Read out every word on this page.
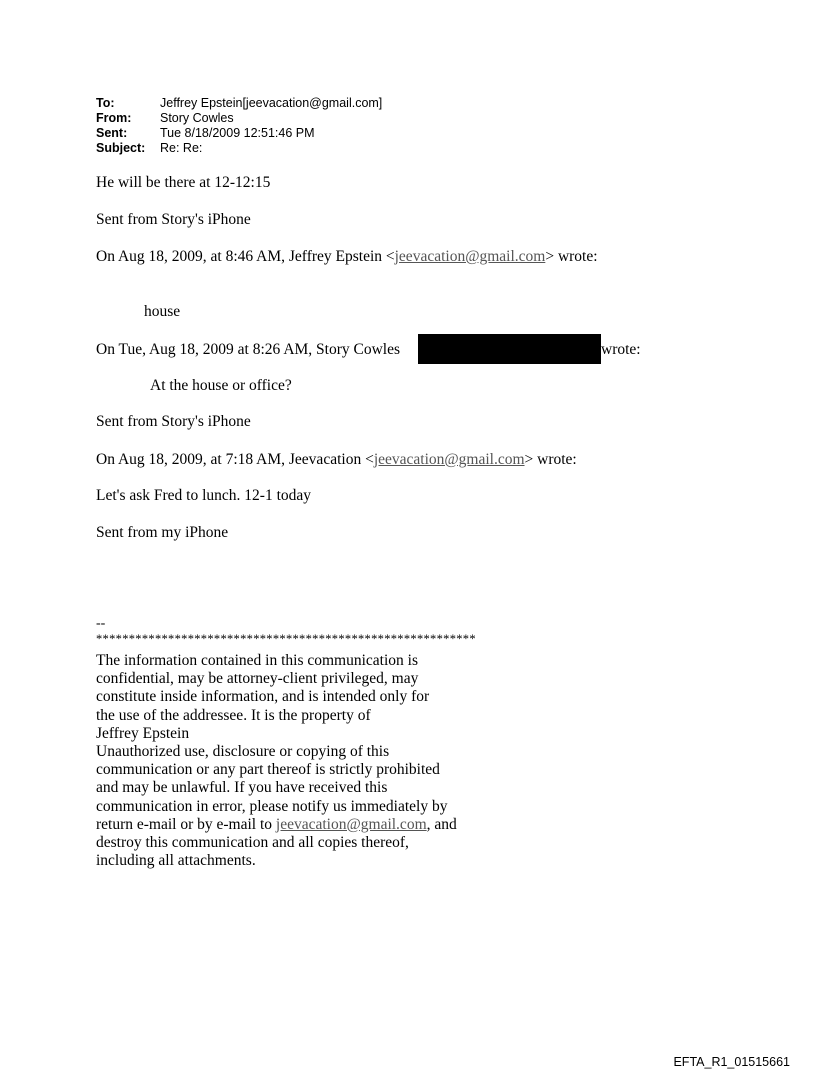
To:	Jeffrey Epstein[jeevacation@gmail.com]
From:	Story Cowles
Sent:	Tue 8/18/2009 12:51:46 PM
Subject:	Re: Re:
He will be there at 12-12:15
Sent from Story's iPhone
On Aug 18, 2009, at 8:46 AM, Jeffrey Epstein <jeevacation@gmail.com> wrote:
house
On Tue, Aug 18, 2009 at 8:26 AM, Story Cowles	wrote:
At the house or office?
Sent from Story's iPhone
On Aug 18, 2009, at 7:18 AM, Jeevacation <jeevacation@gmail.com> wrote:
Let's ask Fred to lunch. 12-1 today
Sent from my iPhone
--
**********************************************************
The information contained in this communication is
confidential, may be attorney-client privileged, may
constitute inside information, and is intended only for
the use of the addressee. It is the property of
Jeffrey Epstein
Unauthorized use, disclosure or copying of this
communication or any part thereof is strictly prohibited
and may be unlawful. If you have received this
communication in error, please notify us immediately by
return e-mail or by e-mail to jeevacation@gmail.com, and
destroy this communication and all copies thereof,
including all attachments.
EFTA_R1_01515661
